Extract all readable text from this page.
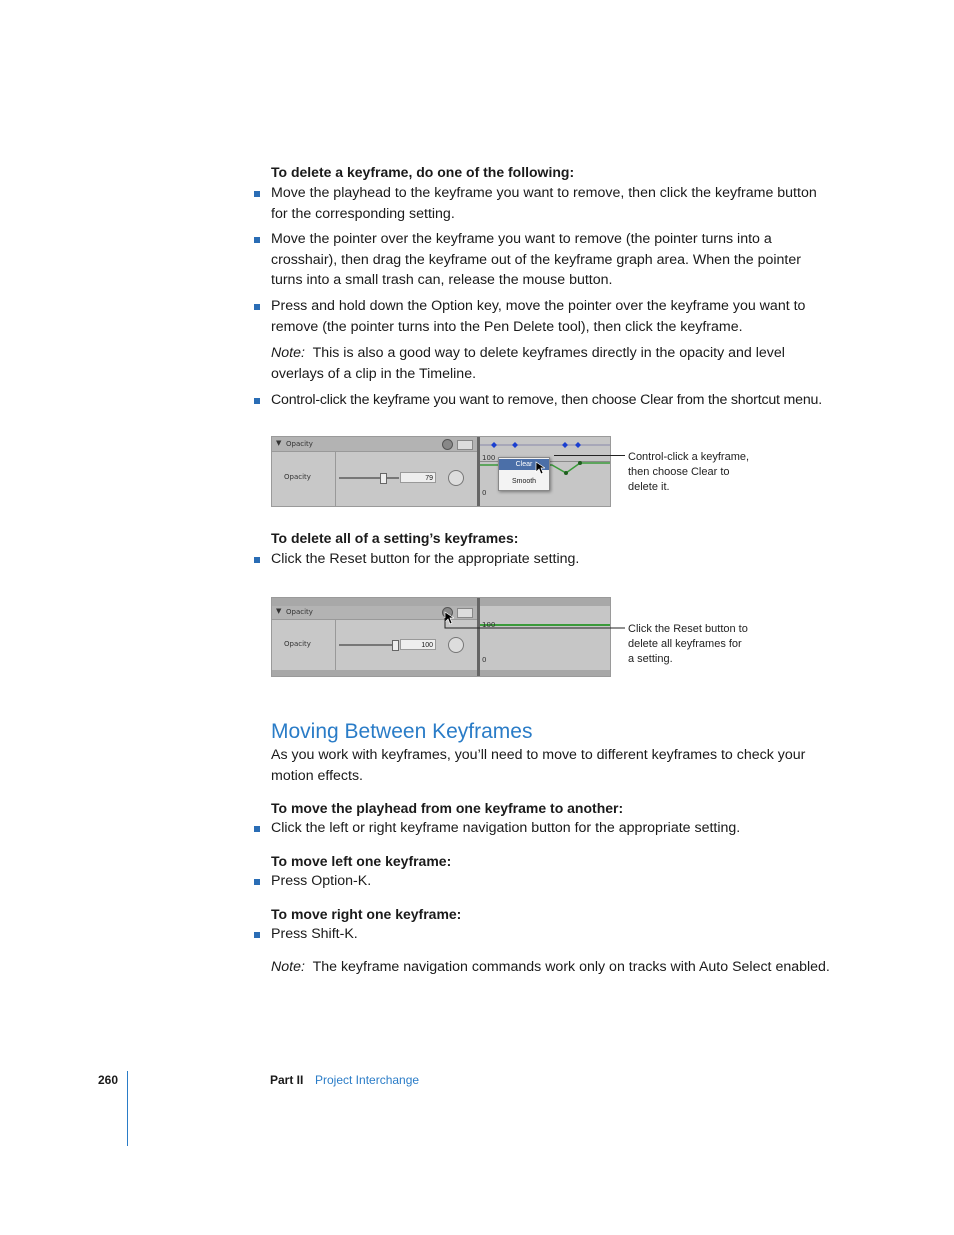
To delete a keyframe, do one of the following:
Move the playhead to the keyframe you want to remove, then click the keyframe button for the corresponding setting.
Move the pointer over the keyframe you want to remove (the pointer turns into a crosshair), then drag the keyframe out of the keyframe graph area. When the pointer turns into a small trash can, release the mouse button.
Press and hold down the Option key, move the pointer over the keyframe you want to remove (the pointer turns into the Pen Delete tool), then click the keyframe.
Note: This is also a good way to delete keyframes directly in the opacity and level overlays of a clip in the Timeline.
Control-click the keyframe you want to remove, then choose Clear from the shortcut menu.
▼ Opacity
Opacity	79
100
0
Clear
Smooth
Control-click a keyframe, then choose Clear to delete it.
To delete all of a setting’s keyframes:
Click the Reset button for the appropriate setting.
▼ Opacity
Opacity	100
100
0
Click the Reset button to delete all keyframes for a setting.
Moving Between Keyframes
As you work with keyframes, you’ll need to move to different keyframes to check your motion effects.
To move the playhead from one keyframe to another:
Click the left or right keyframe navigation button for the appropriate setting.
To move left one keyframe:
Press Option-K.
To move right one keyframe:
Press Shift-K.
Note: The keyframe navigation commands work only on tracks with Auto Select enabled.
260	Part II Project Interchange
